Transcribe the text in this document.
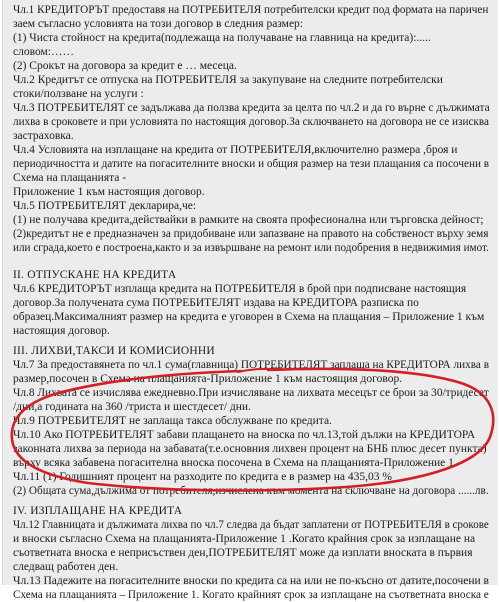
Чл.1 КРЕДИТОРЪТ предоставя на ПОТРЕБИТЕЛЯ потребителски кредит под формата на паричен
заем съгласно условията на този договор в следния размер:
(1) Чиста стойност на кредита(подлежаща на получаване на главница на кредита):.....
словом:……
(2) Срокът на договора за кредит е … месеца.
Чл.2 Кредитът се отпуска на ПОТРЕБИТЕЛЯ за закупуване на следните потребителски
стоки/ползване на услуги :
Чл.3 ПОТРЕБИТЕЛЯТ се задължава да ползва кредита за целта по чл.2 и да го върне с дължимата
лихва в сроковете и при условията по настоящия договор.За сключването на договора не се изисква
застраховка.
Чл.4 Условията на изплащане на кредита от ПОТРЕБИТЕЛЯ,включително размера ,броя и
периодичността и датите на погасителните вноски и общия размер на тези плащания са посочени в
Схема на плащанията -
Приложение 1 към настоящия договор.
Чл.5 ПОТРЕБИТЕЛЯТ декларира,че:
(1) не получава кредита,действайки в рамките на своята професионална или търговска дейност;
(2)кредитът не е предназначен за придобиване или запазване на правото на собственост върху земя
или сграда,което е построена,както и за извършване на ремонт или подобрения в недвижимия имот.
II. ОТПУСКАНЕ НА КРЕДИТА
Чл.6 КРЕДИТОРЪТ изплаща кредита на ПОТРЕБИТЕЛЯ в брой при подписване настоящия
договор.За получената сума ПОТРЕБИТЕЛЯТ издава на КРЕДИТОРА разписка по
образец.Максималният размер на кредита е уговорен в Схема на плащания – Приложение 1 към
настоящия договор.
III. ЛИХВИ,ТАКСИ И КОМИСИОННИ
Чл.7 За предоставянета по чл.1 сума(главница) ПОТРЕБИТЕЛЯТ заплаща на КРЕДИТОРА лихва в
размер,посочен в Схема на плащанията-Приложение 1 към настоящия договор.
Чл.8 Лихвата се изчислява ежедневно.При изчисляване на лихвата месецът се брои за 30/тридесет
/дни,а годината на 360 /триста и шестдесет/ дни.
Чл.9 ПОТРЕБИТЕЛЯТ не заплаща такса обслужване по кредита.
Чл.10 Ако ПОТРЕБИТЕЛЯТ забави плащането на вноска по чл.13,той дължи на КРЕДИТОРА
законната лихва за периода на забавата(т.е.основния лихвен процент на БНБ плюс десет пункта)
върху всяка забавена погасителна вноска посочена в Схема на плащанията-Приложение 1.
Чл.11 (1) Годишният процент на разходите по кредита е в размер на 435,03 %
(2) Общата сума,дължима от потребителя,изчислена към момента на сключване на договора ......лв.
IV. ИЗПЛАЩАНЕ НА КРЕДИТА
Чл.12 Главницата и дължимата лихва по чл.7 следва да бъдат заплатени от ПОТРЕБИТЕЛЯ в срокове
и вноски съгласно Схема на плащанията-Приложение 1 .Когато крайния срок за изплащане на
съответната вноска е неприсъствен ден,ПОТРЕБИТЕЛЯТ може да изплати вноската в първия
следващ работен ден.
Чл.13 Падежите на погасителните вноски по кредита са на или не по-късно от датите,посочени в
Схема на плащанията – Приложение 1. Когато крайният срок за изплащане на съответната вноска е
